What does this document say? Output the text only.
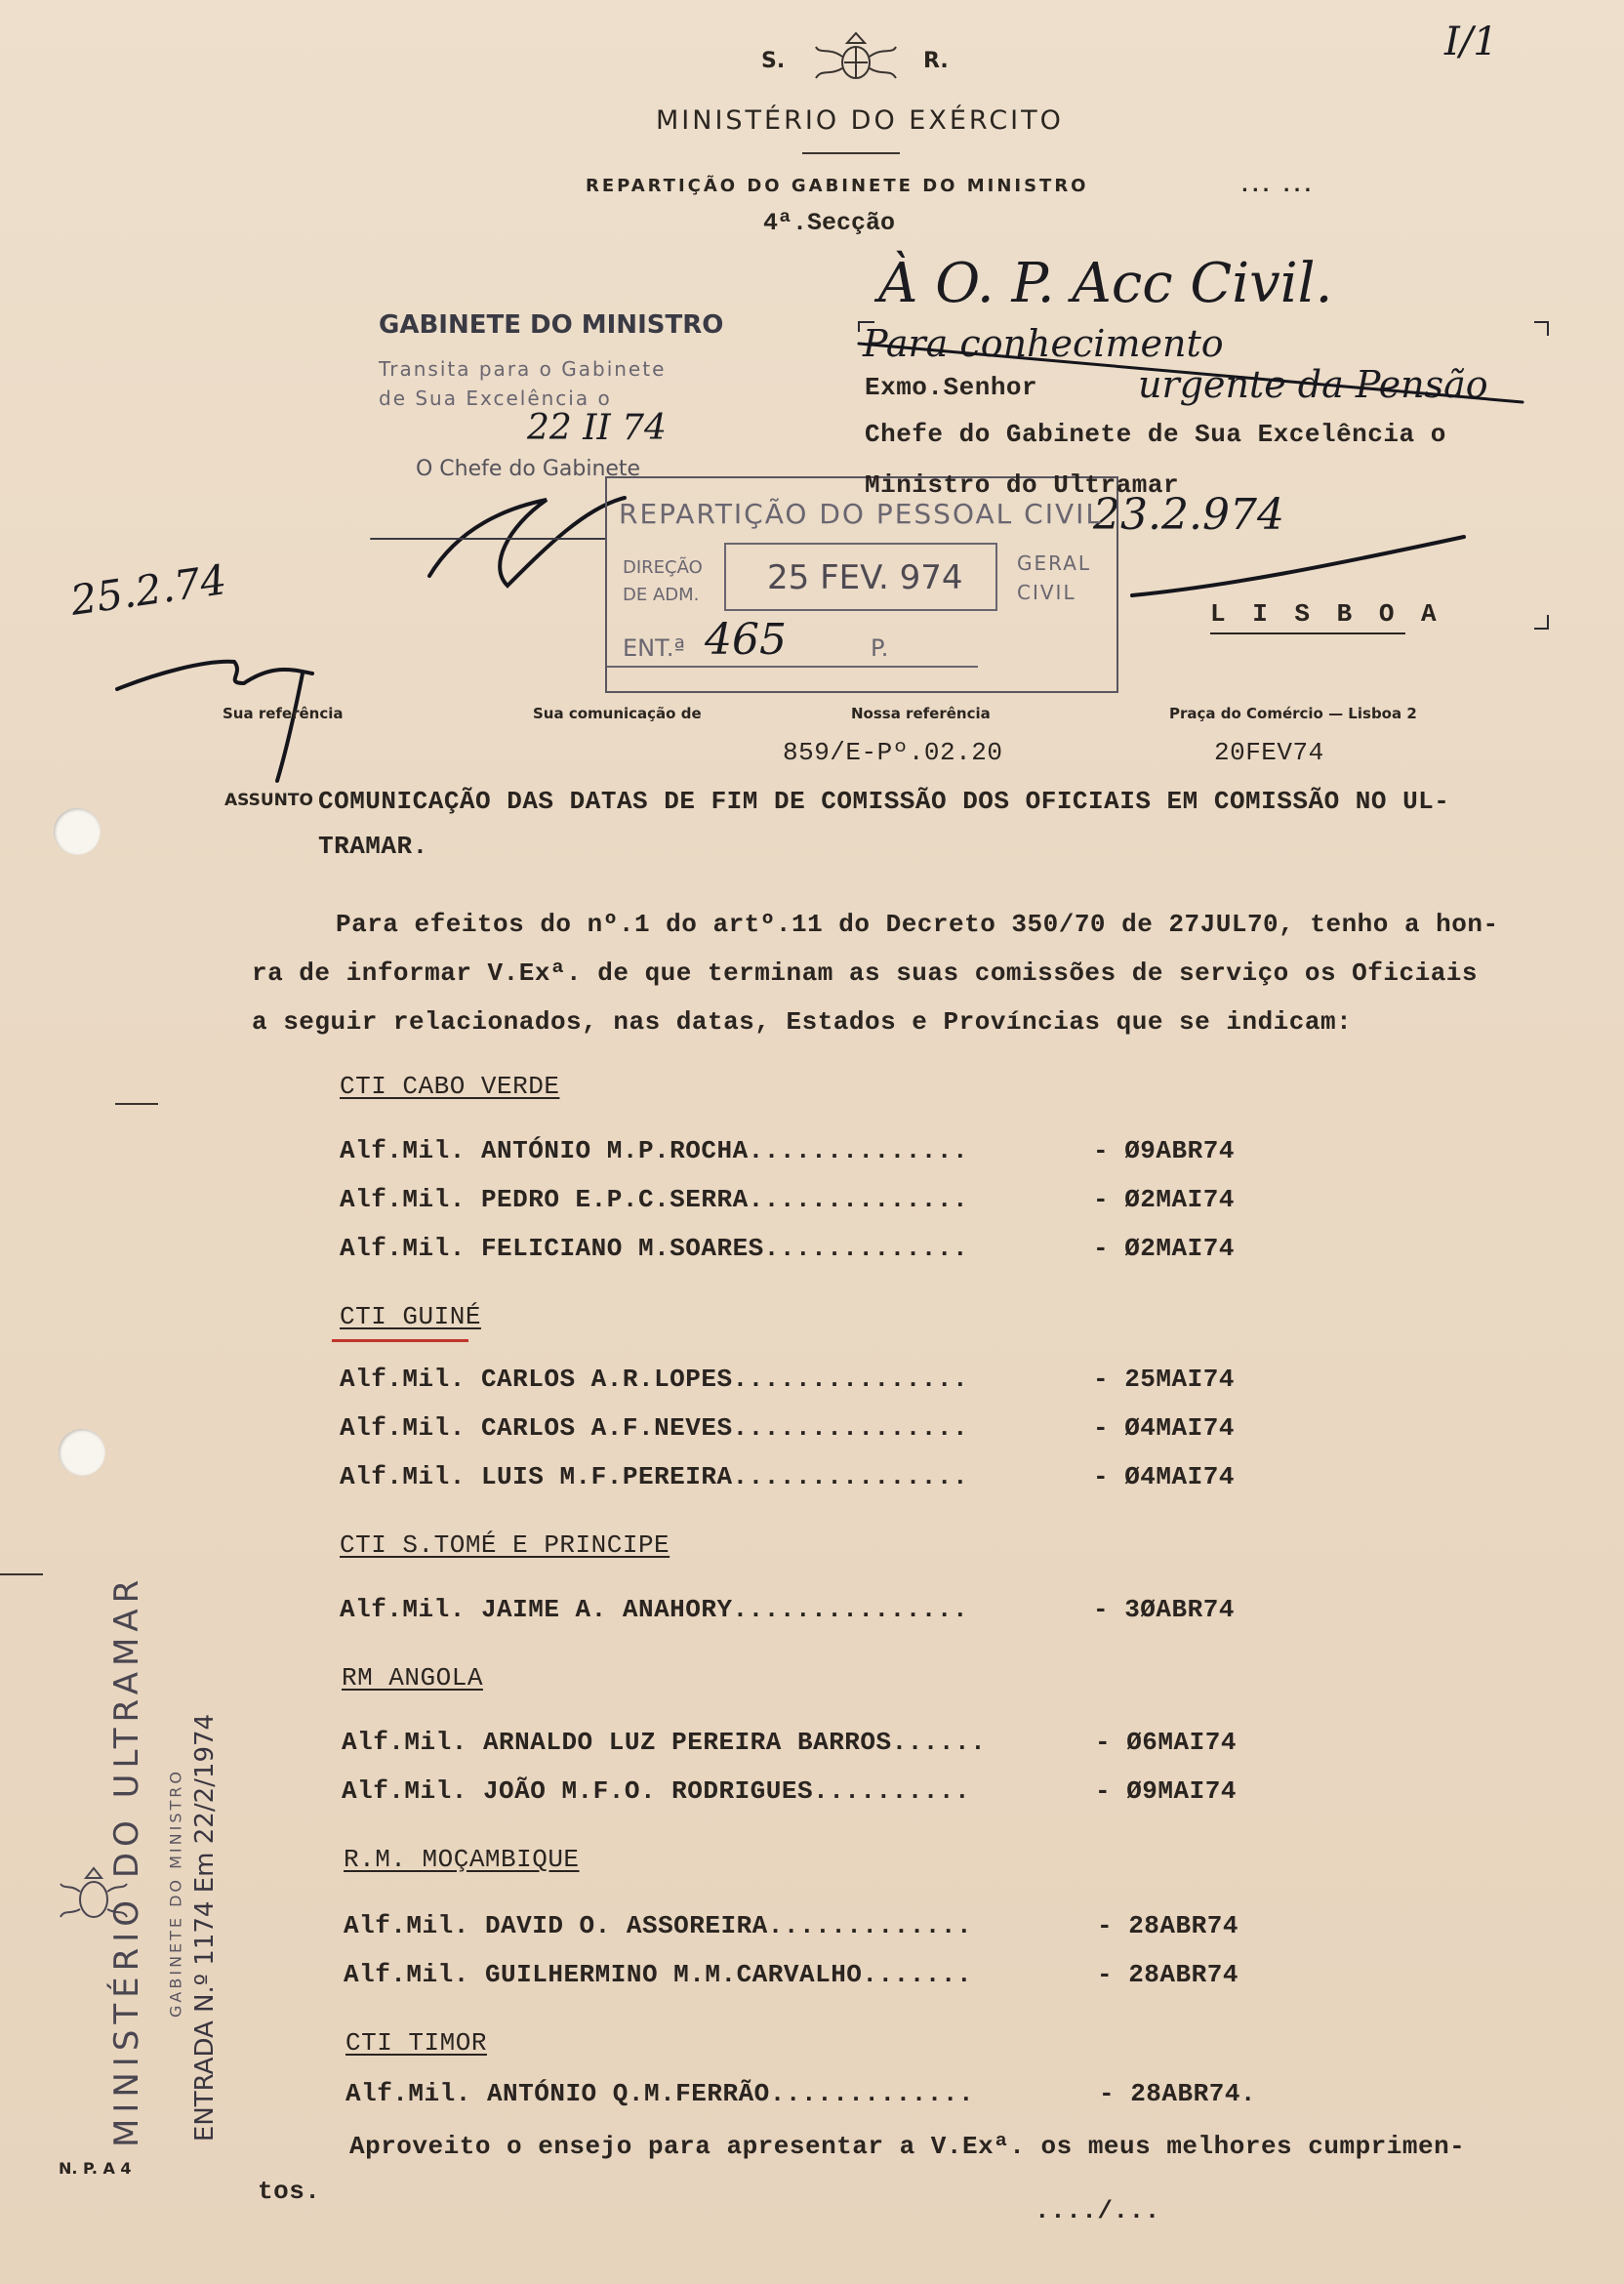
I/1
S.	R.
MINISTÉRIO DO EXÉRCITO
REPARTIÇÃO DO GABINETE DO MINISTRO	... ...
4ª.Secção
GABINETE DO MINISTRO
Transita para o Gabinete
de Sua Excelência o
22 II 74
O Chefe do Gabinete
À O. P. Acc Civil.
Para conhecimento
urgente da Pensão
23.2.974
25.2.74
REPARTIÇÃO DO PESSOAL CIVIL
DIREÇÃO
DE ADM. 25 FEV. 974	GERAL
CIVIL
ENT.ª 465	P.
Exmo.Senhor
Chefe do Gabinete de Sua Excelência o
Ministro do Ultramar
L I S B O A
Sua referência	Sua comunicação de	Nossa referência	Praça do Comércio — Lisboa 2
859/E-Pº.02.20	20FEV74
ASSUNTO COMUNICAÇÃO DAS DATAS DE FIM DE COMISSÃO DOS OFICIAIS EM COMISSÃO NO UL-
TRAMAR.
Para efeitos do nº.1 do artº.11 do Decreto 350/70 de 27JUL70, tenho a hon-
ra de informar V.Exª. de que terminam as suas comissões de serviço os Oficiais
a seguir relacionados, nas datas, Estados e Províncias que se indicam:
CTI CABO VERDE
Alf.Mil. ANTÓNIO M.P.ROCHA..............	- Ø9ABR74
Alf.Mil. PEDRO E.P.C.SERRA..............	- Ø2MAI74
Alf.Mil. FELICIANO M.SOARES.............	- Ø2MAI74
CTI GUINÉ
Alf.Mil. CARLOS A.R.LOPES...............	- 25MAI74
Alf.Mil. CARLOS A.F.NEVES...............	- Ø4MAI74
Alf.Mil. LUIS M.F.PEREIRA...............	- Ø4MAI74
CTI S.TOMÉ E PRINCIPE
Alf.Mil. JAIME A. ANAHORY...............	- 3ØABR74
RM ANGOLA
Alf.Mil. ARNALDO LUZ PEREIRA BARROS......	- Ø6MAI74
Alf.Mil. JOÃO M.F.O. RODRIGUES..........	- Ø9MAI74
R.M. MOÇAMBIQUE
Alf.Mil. DAVID O. ASSOREIRA.............	- 28ABR74
Alf.Mil. GUILHERMINO M.M.CARVALHO.......	- 28ABR74
CTI TIMOR
Alf.Mil. ANTÓNIO Q.M.FERRÃO.............	- 28ABR74.
Aproveito o ensejo para apresentar a V.Exª. os meus melhores cumprimen-
tos.
..../...
MINISTÉRIO DO ULTRAMAR GABINETE DO MINISTRO ENTRADA N.º 1174 Em 22/2/1974
N. P. A 4
